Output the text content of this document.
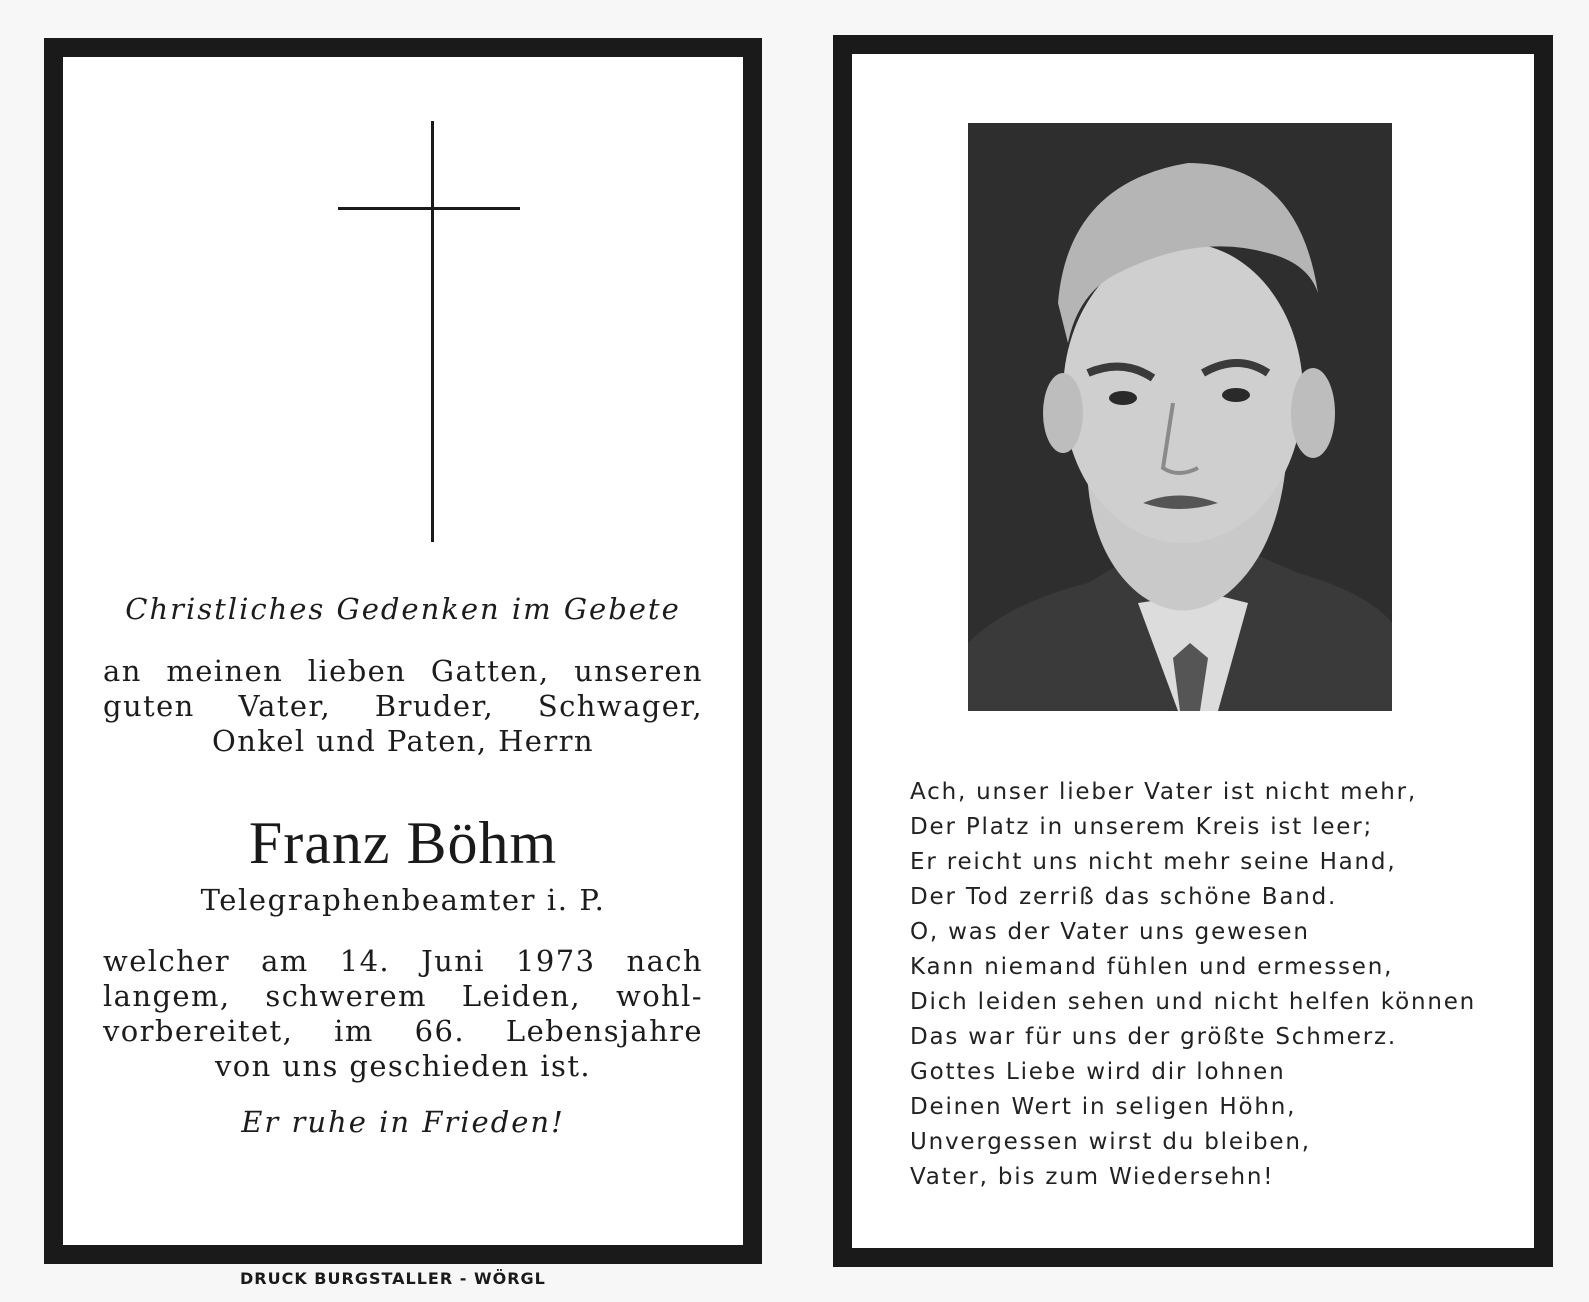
Christliches Gedenken im Gebete
an meinen lieben Gatten, unseren
guten Vater, Bruder, Schwager,
Onkel und Paten, Herrn
Franz Böhm
Telegraphenbeamter i. P.
welcher am 14. Juni 1973 nach
langem, schwerem Leiden, wohl-
vorbereitet, im 66. Lebensjahre
von uns geschieden ist.
Er ruhe in Frieden!
Ach, unser lieber Vater ist nicht mehr,
Der Platz in unserem Kreis ist leer;
Er reicht uns nicht mehr seine Hand,
Der Tod zerriß das schöne Band.
O, was der Vater uns gewesen
Kann niemand fühlen und ermessen,
Dich leiden sehen und nicht helfen können
Das war für uns der größte Schmerz.
Gottes Liebe wird dir lohnen
Deinen Wert in seligen Höhn,
Unvergessen wirst du bleiben,
Vater, bis zum Wiedersehn!
DRUCK BURGSTALLER - WÖRGL
